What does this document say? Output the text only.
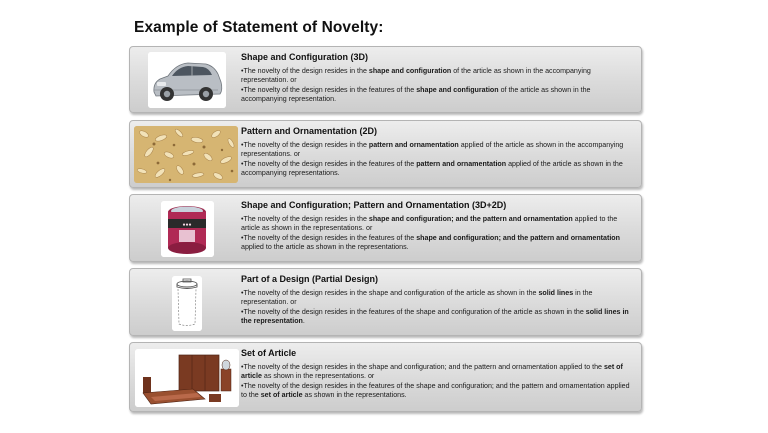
Example of Statement of Novelty:
Shape and Configuration (3D)
•The novelty of the design resides in the shape and configuration of the article as shown in the accompanying representation. or
•The novelty of the design resides in the features of the shape and configuration of the article as shown in the accompanying representation.
Pattern and Ornamentation (2D)
•The novelty of the design resides in the pattern and ornamentation applied of the article as shown in the accompanying representations. or
•The novelty of the design resides in the features of the pattern and ornamentation applied of the article as shown in the accompanying representations.
●●●
Shape and Configuration; Pattern and Ornamentation (3D+2D)
•The novelty of the design resides in the shape and configuration; and the pattern and ornamentation applied to the article as shown in the representations. or
•The novelty of the design resides in the features of the shape and configuration; and the pattern and ornamentation applied to the article as shown in the representations.
Part of a Design (Partial Design)
•The novelty of the design resides in the shape and configuration of the article as shown in the solid lines in the representation. or
•The novelty of the design resides in the features of the shape and configuration of the article as shown in the solid lines in the representation.
Set of Article
•The novelty of the design resides in the shape and configuration; and the pattern and ornamentation applied to the set of article as shown in the representations. or
•The novelty of the design resides in the features of the shape and configuration; and the pattern and ornamentation applied to the set of article as shown in the representations.
